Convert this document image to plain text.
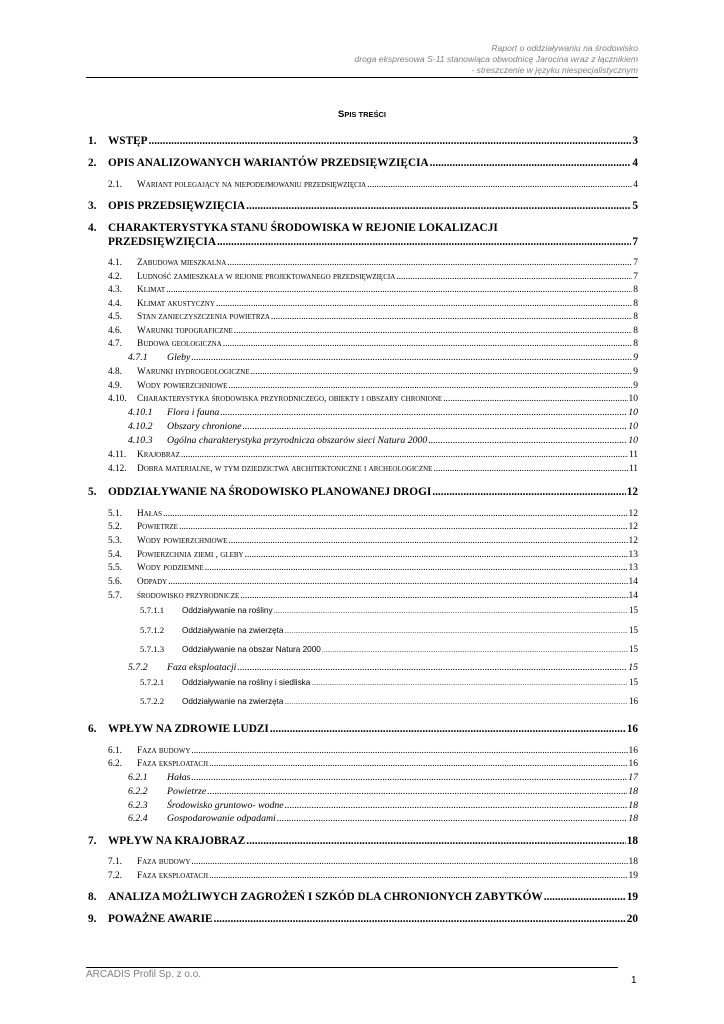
Raport o oddziaływaniu na środowisko
droga ekspresowa S-11 stanowiąca obwodnicę Jarocina wraz z łącznikiem
- streszczenie w języku niespecjalistycznym
SPIS TREŚCI
1.	WSTĘP .....	3
2.	OPIS ANALIZOWANYCH WARIANTÓW PRZEDSIĘWZIĘCIA .....	4
2.1.	Wariant polegający na niepodejmowaniu przedsięwzięcia .....	4
3.	OPIS PRZEDSIĘWZIĘCIA .....	5
4.	CHARAKTERYSTYKA STANU ŚRODOWISKA W REJONIE LOKALIZACJI
PRZEDSIĘWZIĘCIA .....	7
4.1.	Zabudowa mieszkalna .....	7
4.2.	Ludność zamieszkała w rejonie projektowanego przedsięwzięcia .....	7
4.3.	Klimat .....	8
4.4.	Klimat akustyczny .....	8
4.5.	Stan zanieczyszczenia powietrza .....	8
4.6.	Warunki topograficzne .....	8
4.7.	Budowa geologiczna .....	8
4.7.1	Gleby .....	9
4.8.	Warunki hydrogeologiczne .....	9
4.9.	Wody powierzchniowe .....	9
4.10.	Charakterystyka środowiska przyrodniczego, obiekty i obszary chronione .....	10
4.10.1	Flora i fauna .....	10
4.10.2	Obszary chronione .....	10
4.10.3	Ogólna charakterystyka przyrodnicza obszarów sieci Natura 2000 .....	10
4.11.	Krajobraz .....	11
4.12.	Dobra materialne, w tym dziedzictwa architektoniczne i archeologiczne .....	11
5.	ODDZIAŁYWANIE NA ŚRODOWISKO PLANOWANEJ DROGI .....	12
5.1.	Hałas .....	12
5.2.	Powietrze .....	12
5.3.	Wody powierzchniowe .....	12
5.4.	Powierzchnia ziemi , gleby .....	13
5.5.	Wody podziemne .....	13
5.6.	Odpady .....	14
5.7.	środowisko przyrodnicze .....	14
5.7.1.1	Oddziaływanie na rośliny .....	15
5.7.1.2	Oddziaływanie na zwierzęta .....	15
5.7.1.3	Oddziaływanie na obszar Natura 2000 .....	15
5.7.2	Faza eksploatacji .....	15
5.7.2.1	Oddziaływanie na rośliny i siedliska .....	15
5.7.2.2	Oddziaływanie na zwierzęta .....	16
6.	WPŁYW NA ZDROWIE LUDZI .....	16
6.1.	Faza budowy .....	16
6.2.	Faza eksploatacji .....	16
6.2.1	Hałas .....	17
6.2.2	Powietrze .....	18
6.2.3	Środowisko gruntowo- wodne .....	18
6.2.4	Gospodarowanie odpadami .....	18
7.	WPŁYW NA KRAJOBRAZ .....	18
7.1.	Faza budowy .....	18
7.2.	Faza eksploatacji .....	19
8.	ANALIZA MOŻLIWYCH ZAGROŻEŃ I SZKÓD DLA CHRONIONYCH ZABYTKÓW .....	19
9.	POWAŻNE AWARIE .....	20
ARCADIS Profil Sp. z o.o.
1
